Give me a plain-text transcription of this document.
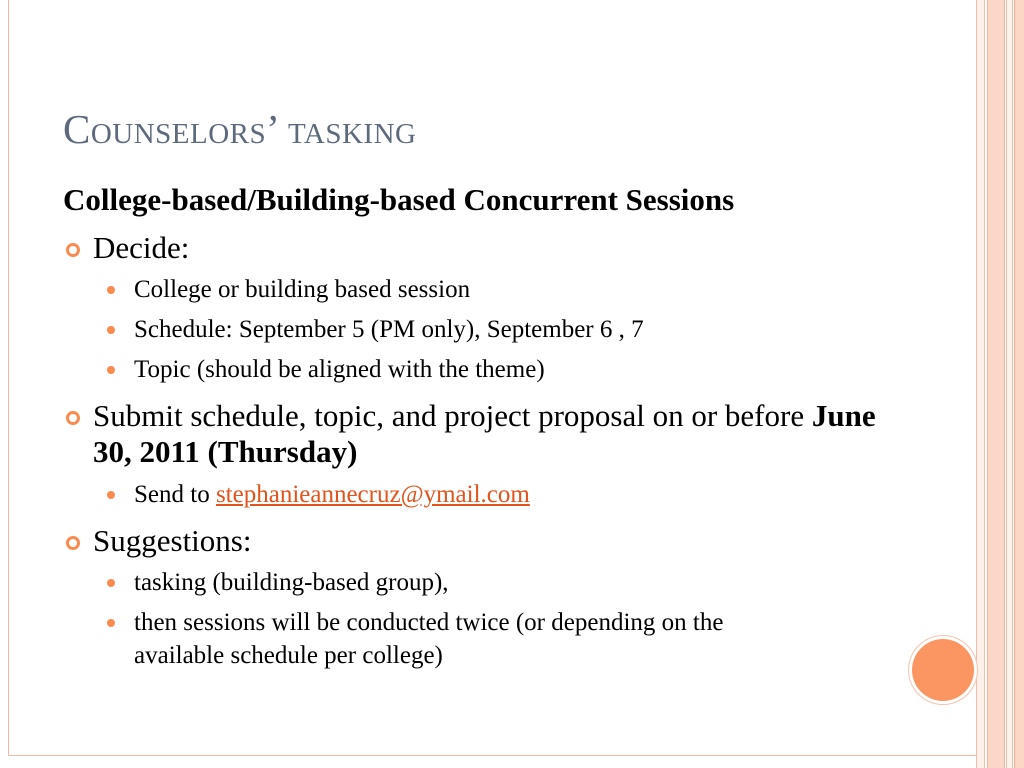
Counselors’ tasking
College-based/Building-based Concurrent Sessions
Decide:
College or building based session
Schedule: September 5 (PM only), September 6 , 7
Topic (should be aligned with the theme)
Submit schedule, topic, and project proposal on or before June 30, 2011 (Thursday)
Send to stephanieannecruz@ymail.com
Suggestions:
tasking (building-based group),
then sessions will be conducted twice (or depending on the available schedule per college)
